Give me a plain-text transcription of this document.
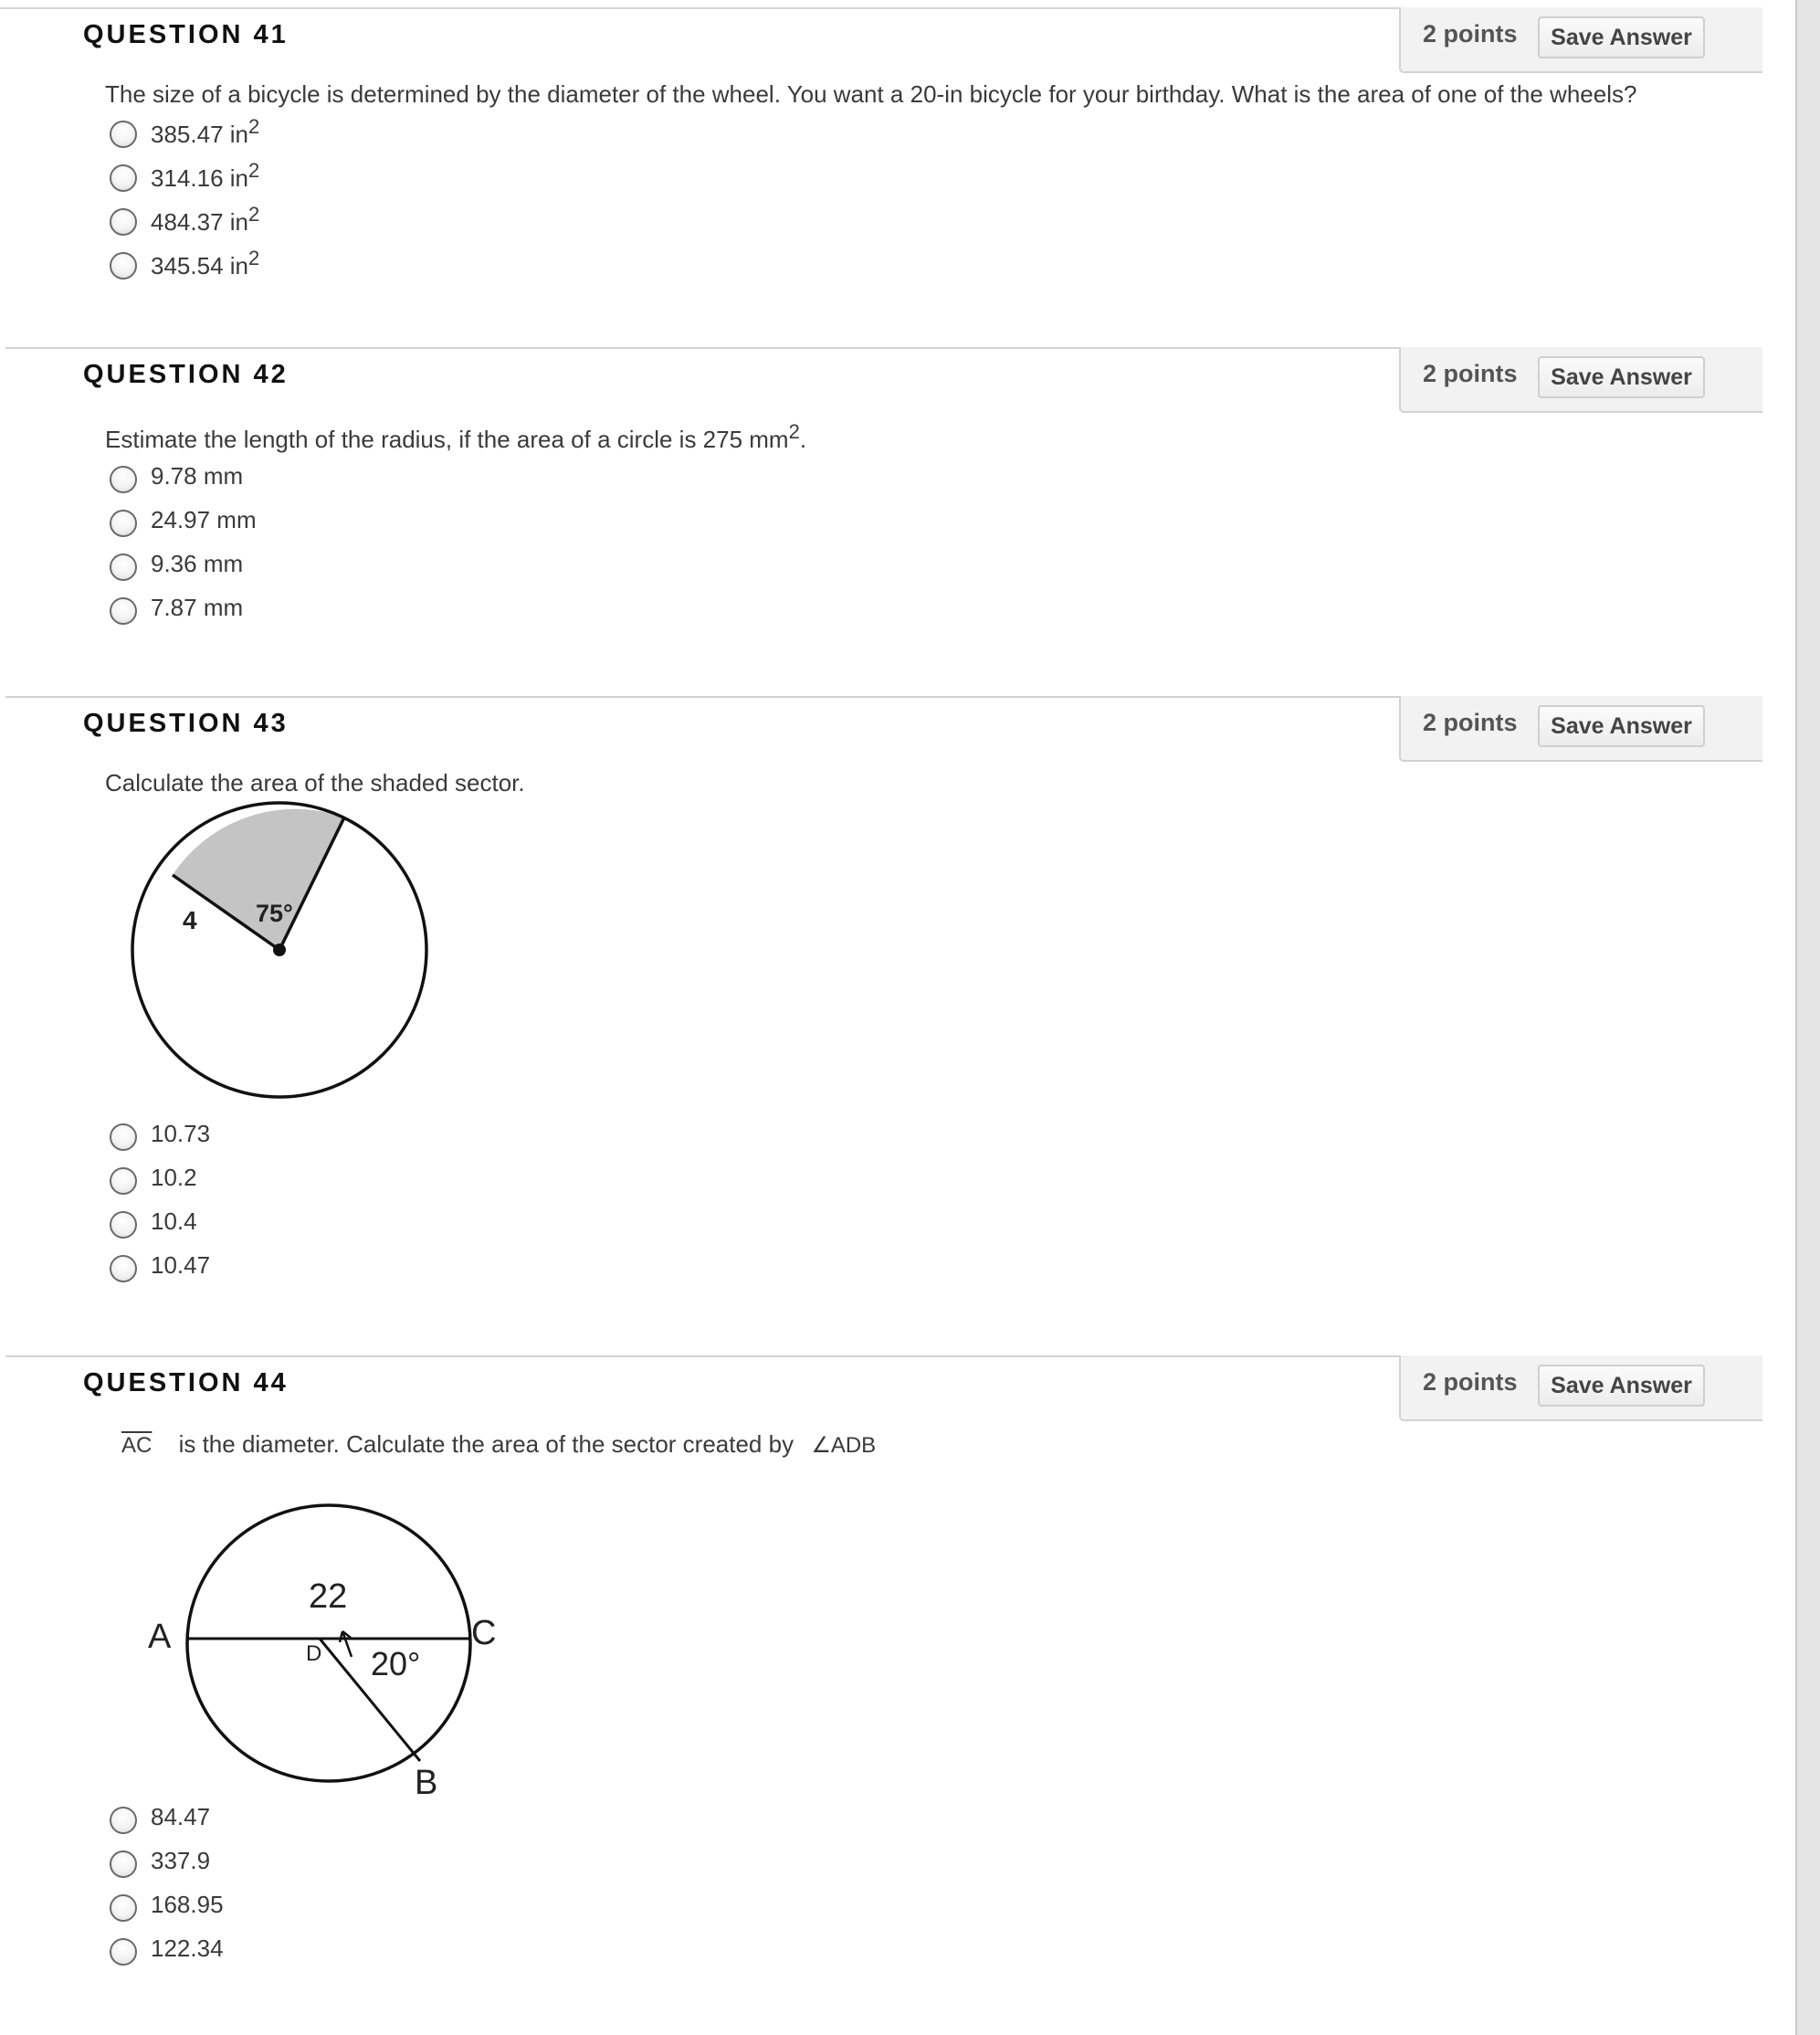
QUESTION 41	2 points	Save Answer
The size of a bicycle is determined by the diameter of the wheel. You want a 20-in bicycle for your birthday. What is the area of one of the wheels?
385.47 $in^2$
314.16 $in^2$
484.37 $in^2$
345.54 $in^2$
QUESTION 42	2 points	Save Answer
Estimate the length of the radius, if the area of a circle is 275 $mm^2$.
9.78 mm
24.97 mm
9.36 mm
7.87 mm
QUESTION 43	2 points	Save Answer
Calculate the area of the shaded sector.
4 75°
10.73
10.2
10.4
10.47
QUESTION 44	2 points	Save Answer
$\overline{AC}$ is the diameter. Calculate the area of the sector created by ∠ADB
22
A	C
D 20°
B
84.47
337.9
168.95
122.34
